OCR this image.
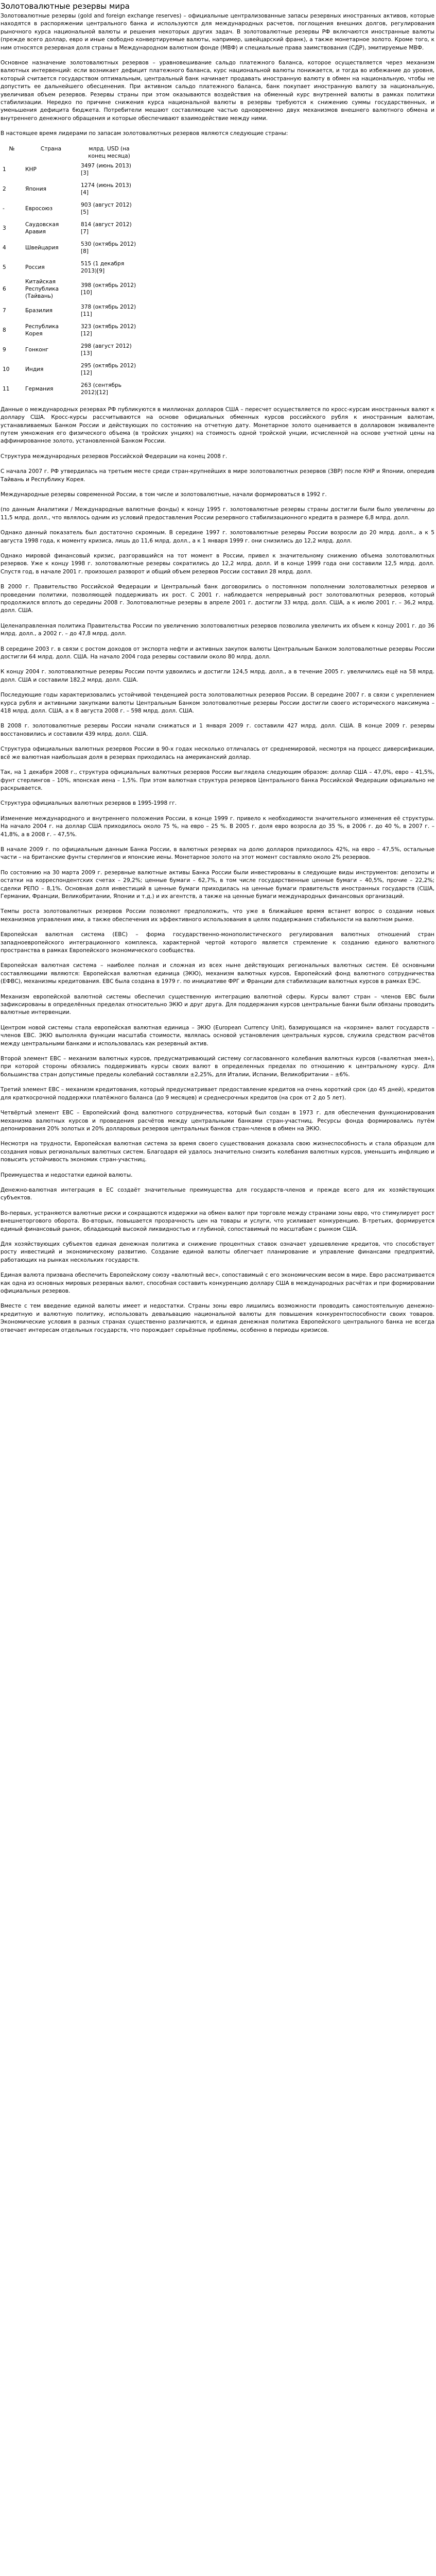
Золотовалютные резервы мира

Золотовалютные резервы (gold and foreign exchange reserves) – официальные централизованные запасы резервных иностранных активов, которые находятся в распоряжении центрального банка и используются для международных расчетов, поглощения внешних долгов, регулирования рыночного курса национальной валюты и решения некоторых других задач. В золотовалютные резервы РФ включаются иностранные валюты (прежде всего доллар, евро и иные свободно конвертируемые валюты, например, швейцарский франк), а также монетарное золото. Кроме того, к ним относятся резервная доля страны в Международном валютном фонде (МВФ) и специальные права заимствования (СДР), эмитируемые МВФ.

Основное назначение золотовалютных резервов – уравновешивание сальдо платежного баланса, которое осуществляется через механизм валютных интервенций: если возникает дефицит платежного баланса, курс национальной валюты понижается, и тогда во избежание до уровня, который считается государством оптимальным, центральный банк начинает продавать иностранную валюту в обмен на национальную, чтобы не допустить ее дальнейшего обесценения. При активном сальдо платежного баланса, банк покупает иностранную валюту за национальную, увеличивая объем резервов. Резервы страны при этом оказываются воздействия на обменный курс внутренней валюты в рамках политики стабилизации. Нередко по причине снижения курса национальной валюты в резервы требуются к снижению суммы государственных, и уменьшения дефицита бюджета. Потребители мешают составляющие частью одновременно двух механизмов внешнего валютного обмена и внутреннего денежного обращения и которые обеспечивают взаимодействие между ними.

В настоящее время лидерами по запасам золотовалютных резервов являются следующие страны:

№	Страна	млрд. USD (на конец месяца)
1	КНР	3497 (июнь 2013)[3]
2	Япония	1274 (июнь 2013)[4]
-	Евросоюз	903 (август 2012)[5]
3	Саудовская Аравия	814 (август 2012)[7]
4	Швейцария	530 (октябрь 2012)[8]
5	Россия	515 (1 декабря 2013)[9]
6	Китайская Республика (Тайвань)	398 (октябрь 2012)[10]
7	Бразилия	378 (октябрь 2012)[11]
8	Республика Корея	323 (октябрь 2012)[12]
9	Гонконг	298 (август 2012)[13]
10	Индия	295 (октябрь 2012)[12]
11	Германия	263 (сентябрь 2012)[12]

Данные о международных резервах РФ публикуются в миллионах долларов США – пересчет осуществляется по кросс-курсам иностранных валют к доллару США. Кросс-курсы рассчитываются на основе официальных обменных курсов российского рубля к иностранным валютам, устанавливаемых Банком России и действующих по состоянию на отчетную дату. Монетарное золото оценивается в долларовом эквиваленте путем умножения его физического объема (в тройских унциях) на стоимость одной тройской унции, исчисленной на основе учетной цены на аффинированное золото, установленной Банком России.

Структура международных резервов Российской Федерации на конец 2008 г.

С начала 2007 г. РФ утвердилась на третьем месте среди стран-крупнейших в мире золотовалютных резервов (ЗВР) после КНР и Японии, опередив Тайвань и Республику Корея.

Международные резервы современной России, в том числе и золотовалютные, начали формироваться в 1992 г.

(по данным Аналитики / Международные валютные фонды) к концу 1995 г. золотовалютные резервы страны достигли были было увеличены до 11,5 млрд. долл., что являлось одним из условий предоставления России резервного стабилизационного кредита в размере 6,8 млрд. долл.

Однако данный показатель был достаточно скромным. В середине 1997 г. золотовалютные резервы России возросли до 20 млрд. долл., а к 5 августа 1998 года, к моменту кризиса, лишь до 11,6 млрд. долл., а к 1 января 1999 г. они снизились до 12,2 млрд. долл.

Однако мировой финансовый кризис, разгоравшийся на тот момент в России, привел к значительному снижению объема золотовалютных резервов. Уже к концу 1998 г. золотовалютные резервы сократились до 12,2 млрд. долл. И в конце 1999 года они составили 12,5 млрд. долл. Спустя год, в начале 2001 г. произошел разворот и общий объем резервов России составил 28 млрд. долл.

В 2000 г. Правительство Российской Федерации и Центральный банк договорились о постоянном пополнении золотовалютных резервов и проведении политики, позволяющей поддерживать их рост. С 2001 г. наблюдается непрерывный рост золотовалютных резервов, который продолжился вплоть до середины 2008 г. Золотовалютные резервы в апреле 2001 г. достигли 33 млрд. долл. США, а к июлю 2001 г. – 36,2 млрд. долл. США.

Целенаправленная политика Правительства России по увеличению золотовалютных резервов позволила увеличить их объем к концу 2001 г. до 36 млрд. долл., а 2002 г. – до 47,8 млрд. долл.

В середине 2003 г. в связи с ростом доходов от экспорта нефти и активных закупок валюты Центральным Банком золотовалютные резервы России достигли 64 млрд. долл. США. На начало 2004 года резервы составили около 80 млрд. долл.

К концу 2004 г. золотовалютные резервы России почти удвоились и достигли 124,5 млрд. долл., а в течение 2005 г. увеличились ещё на 58 млрд. долл. США и составили 182,2 млрд. долл. США.

Последующие годы характеризовались устойчивой тенденцией роста золотовалютных резервов России. В середине 2007 г. в связи с укреплением курса рубля и активными закупками валюты Центральным Банком золотовалютные резервы России достигли своего исторического максимума – 418 млрд. долл. США, а к 8 августа 2008 г. – 598 млрд. долл. США.

В 2008 г. золотовалютные резервы России начали снижаться и 1 января 2009 г. составили 427 млрд. долл. США. В конце 2009 г. резервы восстановились и составили 439 млрд. долл. США.

Структура официальных валютных резервов России в 90-х годах несколько отличалась от среднемировой, несмотря на процесс диверсификации, всё же валютная наибольшая доля в резервах приходилась на американский доллар.

Так, на 1 декабря 2008 г., структура официальных валютных резервов России выглядела следующим образом: доллар США – 47,0%, евро – 41,5%, фунт стерлингов – 10%, японская иена – 1,5%. При этом валютная структура резервов Центрального банка Российской Федерации официально не раскрывается.

Структура официальных валютных резервов в 1995-1998 гг.

Изменение международного и внутреннего положения России, в конце 1999 г. привело к необходимости значительного изменения её структуры. На начало 2004 г. на доллар США приходилось около 75 %, на евро – 25 %. В 2005 г. доля евро возросла до 35 %, в 2006 г. до 40 %, в 2007 г. – 41,8%, а в 2008 г. – 47,5%.

В начале 2009 г. по официальным данным Банка России, в валютных резервах на долю долларов приходилось 42%, на евро – 47,5%, остальные части – на британские фунты стерлингов и японские иены. Монетарное золото на этот момент составляло около 2% резервов.

По состоянию на 30 марта 2009 г. резервные валютные активы Банка России были инвестированы в следующие виды инструментов: депозиты и остатки на корреспондентских счетах – 29,2%; ценные бумаги – 62,7%, в том числе государственные ценные бумаги – 40,5%, прочие – 22,2%; сделки РЕПО – 8,1%. Основная доля инвестиций в ценные бумаги приходилась на ценные бумаги правительств иностранных государств (США, Германии, Франции, Великобритании, Японии и т.д.) и их агентств, а также на ценные бумаги международных финансовых организаций.

Темпы роста золотовалютных резервов России позволяют предположить, что уже в ближайшее время встанет вопрос о создании новых механизмов управления ими, а также обеспечения их эффективного использования в целях поддержания стабильности на валютном рынке.

Европейская валютная система (ЕВС) – форма государственно-монополистического регулирования валютных отношений стран западноевропейского интеграционного комплекса, характерной чертой которого является стремление к созданию единого валютного пространства в рамках Европейского экономического сообщества.

Европейская валютная система – наиболее полная и сложная из всех ныне действующих региональных валютных систем. Её основными составляющими являются: Европейская валютная единица (ЭКЮ), механизм валютных курсов, Европейский фонд валютного сотрудничества (ЕФВС), механизмы кредитования. ЕВС была создана в 1979 г. по инициативе ФРГ и Франции для стабилизации валютных курсов в рамках ЕЭС.

Механизм европейской валютной системы обеспечил существенную интеграцию валютной сферы. Курсы валют стран – членов ЕВС были зафиксированы в определённых пределах относительно ЭКЮ и друг друга. Для поддержания курсов центральные банки были обязаны проводить валютные интервенции.

Центром новой системы стала европейская валютная единица – ЭКЮ (European Currency Unit), базирующаяся на «корзине» валют государств – членов ЕВС. ЭКЮ выполняла функции масштаба стоимости, являлась основой установления центральных курсов, служила средством расчётов между центральными банками и использовалась как резервный актив.

Второй элемент ЕВС – механизм валютных курсов, предусматривающий систему согласованного колебания валютных курсов («валютная змея»), при которой стороны обязались поддерживать курсы своих валют в определенных пределах по отношению к центральному курсу. Для большинства стран допустимые пределы колебаний составляли ±2,25%, для Италии, Испании, Великобритании – ±6%.

Третий элемент ЕВС – механизм кредитования, который предусматривает предоставление кредитов на очень короткий срок (до 45 дней), кредитов для краткосрочной поддержки платёжного баланса (до 9 месяцев) и среднесрочных кредитов (на срок от 2 до 5 лет).

Четвёртый элемент ЕВС – Европейский фонд валютного сотрудничества, который был создан в 1973 г. для обеспечения функционирования механизма валютных курсов и проведения расчётов между центральными банками стран-участниц. Ресурсы фонда формировались путём депонирования 20% золотых и 20% долларовых резервов центральных банков стран-членов в обмен на ЭКЮ.

Несмотря на трудности, Европейская валютная система за время своего существования доказала свою жизнеспособность и стала образцом для создания новых региональных валютных систем. Благодаря ей удалось значительно снизить колебания валютных курсов, уменьшить инфляцию и повысить устойчивость экономик стран-участниц.

Преимущества и недостатки единой валюты.

Денежно-валютная интеграция в ЕС создаёт значительные преимущества для государств-членов и прежде всего для их хозяйствующих субъектов.

Во-первых, устраняются валютные риски и сокращаются издержки на обмен валют при торговле между странами зоны евро, что стимулирует рост внешнеторгового оборота. Во-вторых, повышается прозрачность цен на товары и услуги, что усиливает конкуренцию. В-третьих, формируется единый финансовый рынок, обладающий высокой ликвидностью и глубиной, сопоставимый по масштабам с рынком США.

Для хозяйствующих субъектов единая денежная политика и снижение процентных ставок означает удешевление кредитов, что способствует росту инвестиций и экономическому развитию. Создание единой валюты облегчает планирование и управление финансами предприятий, работающих на рынках нескольких государств.

Единая валюта призвана обеспечить Европейскому союзу «валютный вес», сопоставимый с его экономическим весом в мире. Евро рассматривается как одна из основных мировых резервных валют, способная составить конкуренцию доллару США в международных расчётах и при формировании официальных резервов.

Вместе с тем введение единой валюты имеет и недостатки. Страны зоны евро лишились возможности проводить самостоятельную денежно-кредитную и валютную политику, использовать девальвацию национальной валюты для повышения конкурентоспособности своих товаров. Экономические условия в разных странах существенно различаются, и единая денежная политика Европейского центрального банка не всегда отвечает интересам отдельных государств, что порождает серьёзные проблемы, особенно в периоды кризисов.
